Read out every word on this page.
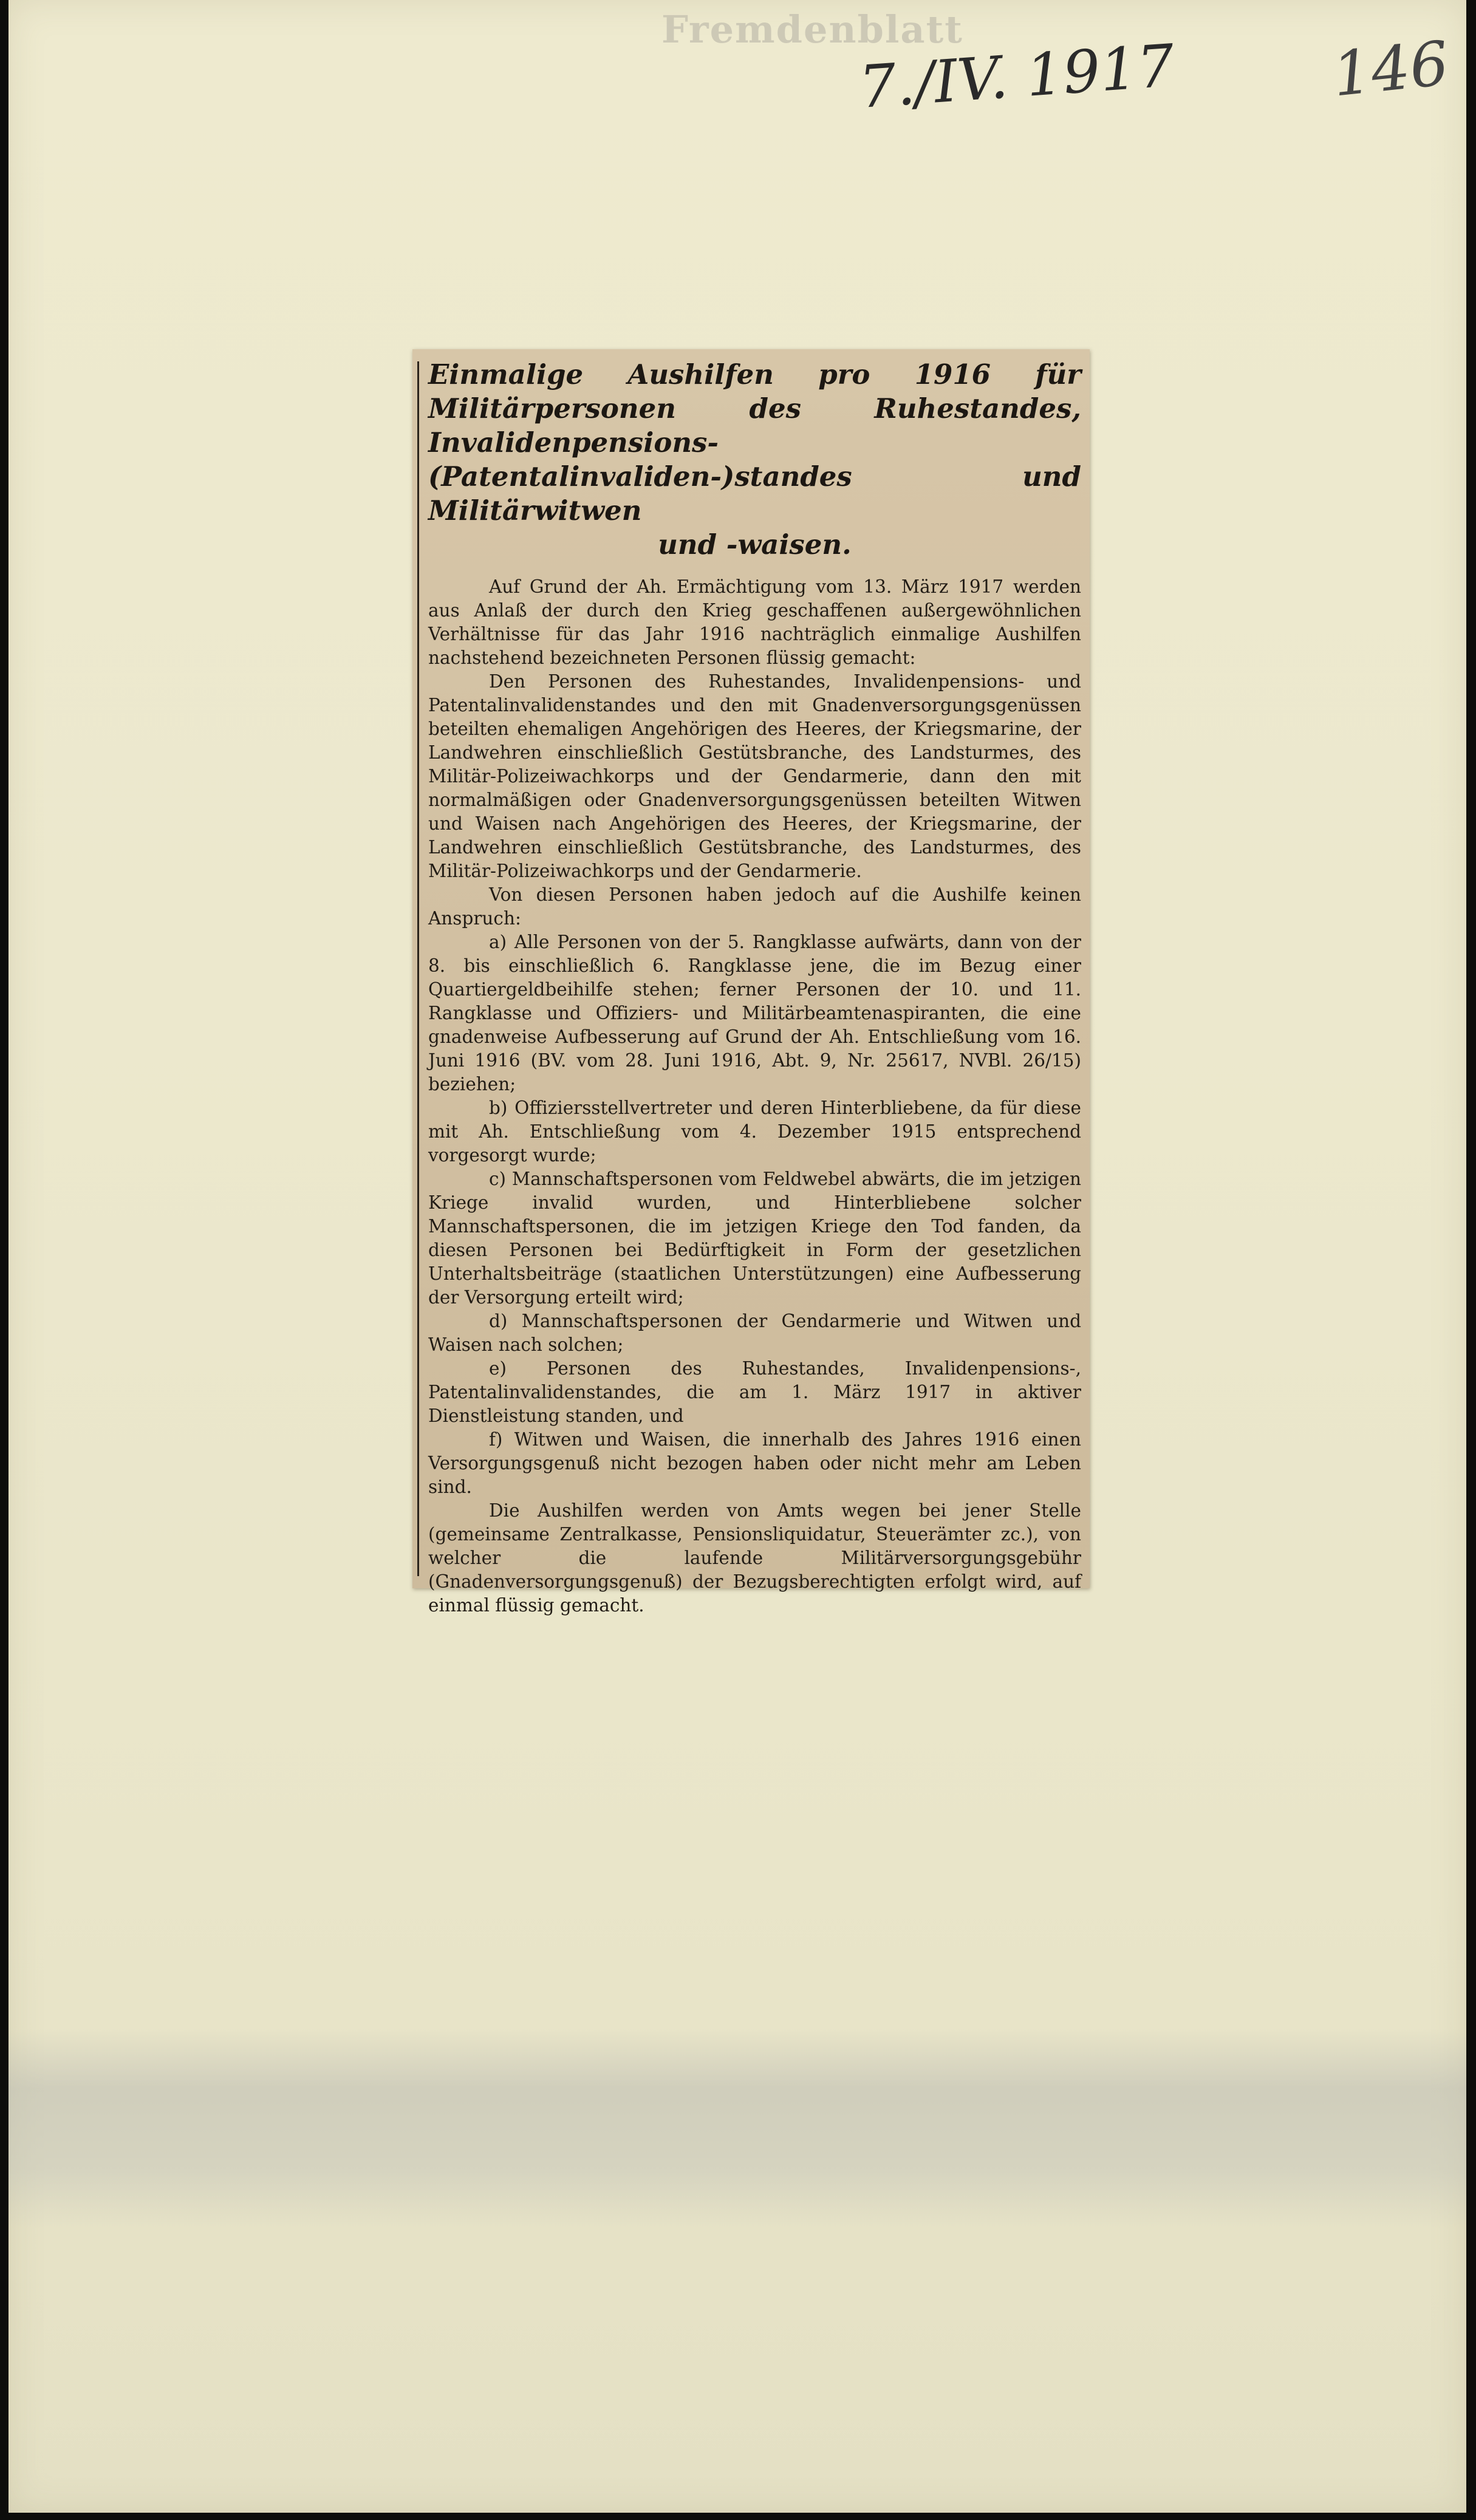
Fremdenblatt
7./IV. 1917	146
Einmalige Aushilfen pro 1916 für Militärpersonen des Ruhestandes, Invalidenpensions-(Patentalinvaliden-)standes und Militärwitwen
und -waisen.

Auf Grund der Ah. Ermächtigung vom 13. März 1917 werden aus Anlaß der durch den Krieg geschaffenen außergewöhnlichen Verhältnisse für das Jahr 1916 nachträglich einmalige Aushilfen nachstehend bezeichneten Personen flüssig gemacht:

Den Personen des Ruhestandes, Invalidenpensions- und Patentalinvalidenstandes und den mit Gnadenversorgungsgenüssen beteilten ehemaligen Angehörigen des Heeres, der Kriegsmarine, der Landwehren einschließlich Gestütsbranche, des Landsturmes, des Militär-Polizeiwachkorps und der Gendarmerie, dann den mit normalmäßigen oder Gnadenversorgungsgenüssen beteilten Witwen und Waisen nach Angehörigen des Heeres, der Kriegsmarine, der Landwehren einschließlich Gestütsbranche, des Landsturmes, des Militär-Polizeiwachkorps und der Gendarmerie.

Von diesen Personen haben jedoch auf die Aushilfe keinen Anspruch:

a) Alle Personen von der 5. Rangklasse aufwärts, dann von der 8. bis einschließlich 6. Rangklasse jene, die im Bezug einer Quartiergeldbeihilfe stehen; ferner Personen der 10. und 11. Rangklasse und Offiziers- und Militärbeamtenaspiranten, die eine gnadenweise Aufbesserung auf Grund der Ah. Entschließung vom 16. Juni 1916 (BV. vom 28. Juni 1916, Abt. 9, Nr. 25617, NVBl. 26/15) beziehen;

b) Offiziersstellvertreter und deren Hinterbliebene, da für diese mit Ah. Entschließung vom 4. Dezember 1915 entsprechend vorgesorgt wurde;

c) Mannschaftspersonen vom Feldwebel abwärts, die im jetzigen Kriege invalid wurden, und Hinterbliebene solcher Mannschaftspersonen, die im jetzigen Kriege den Tod fanden, da diesen Personen bei Bedürftigkeit in Form der gesetzlichen Unterhaltsbeiträge (staatlichen Unterstützungen) eine Aufbesserung der Versorgung erteilt wird;

d) Mannschaftspersonen der Gendarmerie und Witwen und Waisen nach solchen;

e) Personen des Ruhestandes, Invalidenpensions-, Patentalinvalidenstandes, die am 1. März 1917 in aktiver Dienstleistung standen, und

f) Witwen und Waisen, die innerhalb des Jahres 1916 einen Versorgungsgenuß nicht bezogen haben oder nicht mehr am Leben sind.

Die Aushilfen werden von Amts wegen bei jener Stelle (gemeinsame Zentralkasse, Pensionsliquidatur, Steuerämter zc.), von welcher die laufende Militärversorgungsgebühr (Gnadenversorgungsgenuß) der Bezugsberechtigten erfolgt wird, auf einmal flüssig gemacht.
